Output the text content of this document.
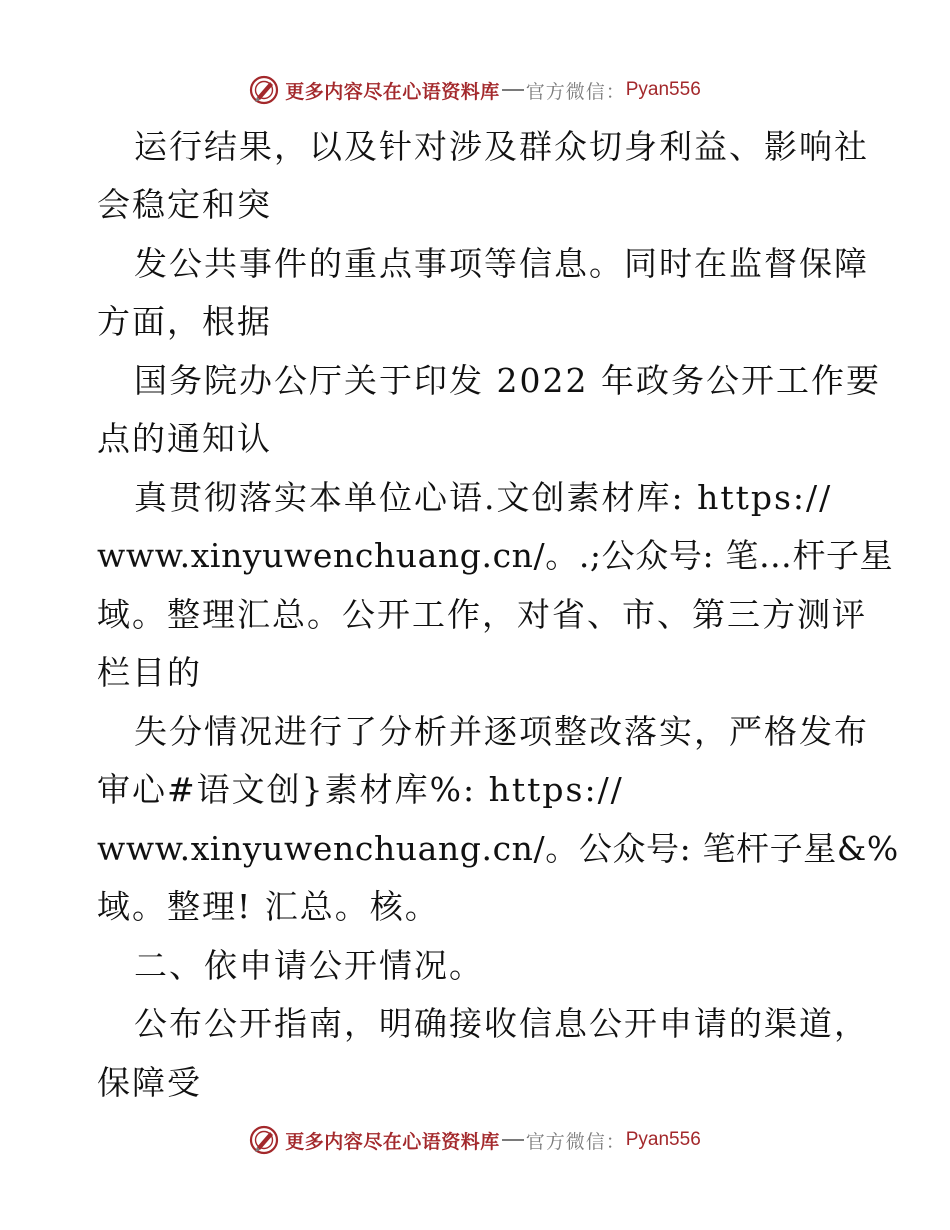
更多内容尽在心语资料库 官方微信： Pyan556

运行结果，以及针对涉及群众切身利益、影响社

会稳定和突

发公共事件的重点事项等信息。同时在监督保障

方面，根据

国务院办公厅关于印发 2022 年政务公开工作要

点的通知认

真贯彻落实本单位心语.文创素材库: https://

www.xinyuwenchuang.cn/。.;公众号: 笔…杆子星

域。整理汇总。公开工作，对省、市、第三方测评

栏目的

失分情况进行了分析并逐项整改落实，严格发布

审心#语文创}素材库%: https://

www.xinyuwenchuang.cn/。公众号: 笔杆子星&%

域。整理! 汇总。核。

二、依申请公开情况。

公布公开指南，明确接收信息公开申请的渠道，

保障受

更多内容尽在心语资料库 官方微信： Pyan556
